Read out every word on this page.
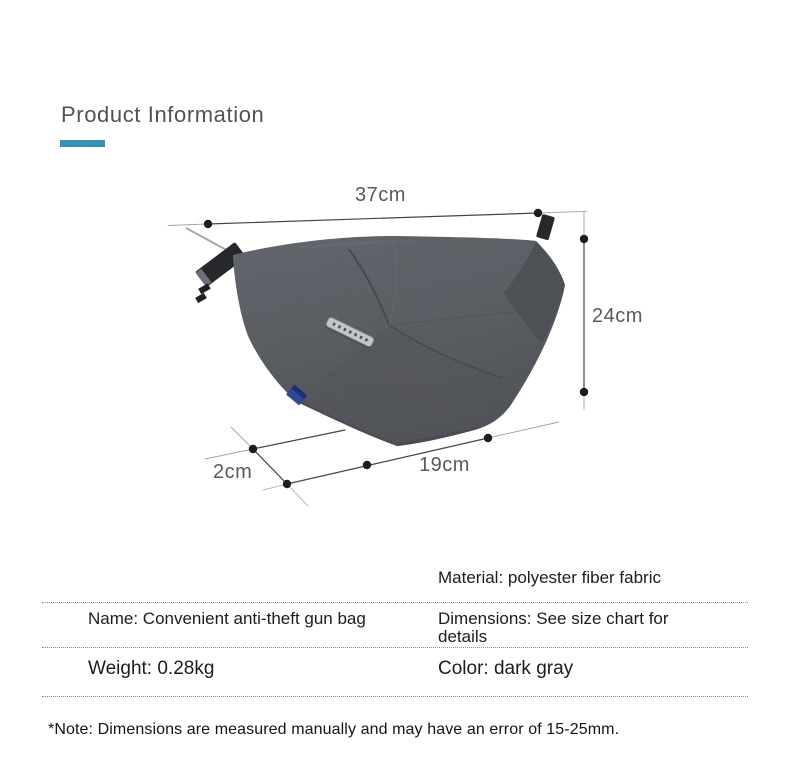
Product Information
37cm
24cm
19cm
2cm
Material: polyester fiber fabric
Name: Convenient anti-theft gun bag	Dimensions: See size chart for details
Weight: 0.28kg	Color: dark gray
*Note: Dimensions are measured manually and may have an error of 15-25mm.
